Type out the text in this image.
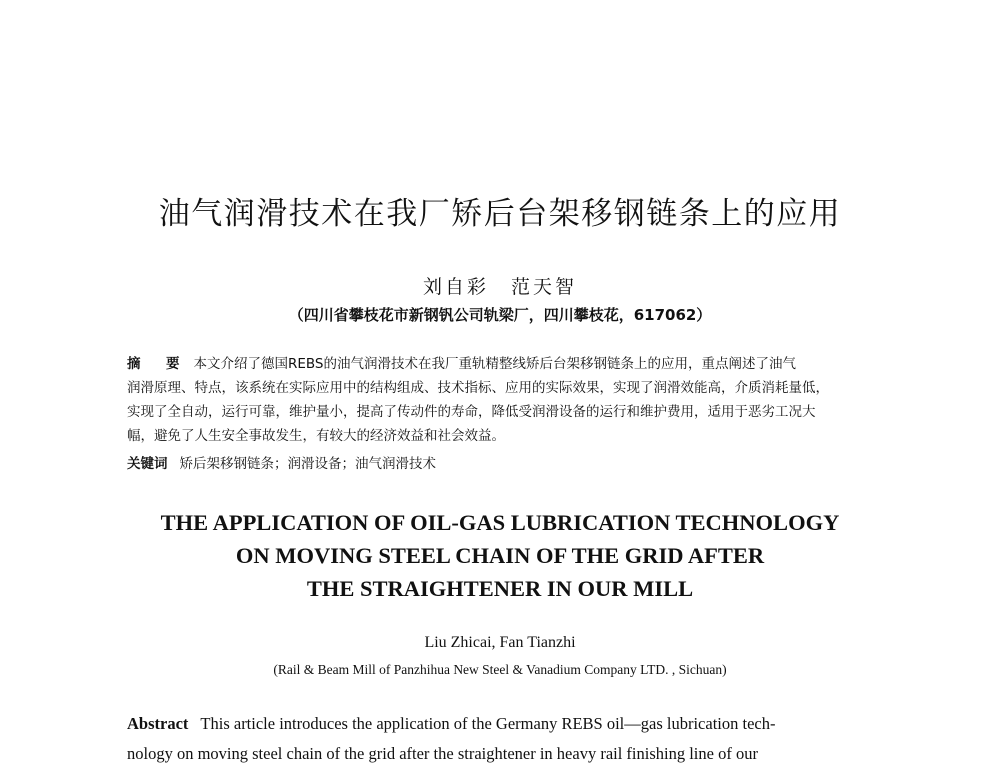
油气润滑技术在我厂矫后台架移钢链条上的应用
刘自彩　范天智
（四川省攀枝花市新钢钒公司轨梁厂，四川攀枝花，617062）
摘　要 本文介绍了德国REBS的油气润滑技术在我厂重轨精整线矫后台架移钢链条上的应用，重点阐述了油气
润滑原理、特点，该系统在实际应用中的结构组成、技术指标、应用的实际效果，实现了润滑效能高，介质消耗量低，
实现了全自动，运行可靠，维护量小，提高了传动件的寿命，降低受润滑设备的运行和维护费用，适用于恶劣工况大
幅，避免了人生安全事故发生，有较大的经济效益和社会效益。
关键词 矫后架移钢链条；润滑设备；油气润滑技术
THE APPLICATION OF OIL-GAS LUBRICATION TECHNOLOGY
ON MOVING STEEL CHAIN OF THE GRID AFTER
THE STRAIGHTENER IN OUR MILL
Liu Zhicai, Fan Tianzhi
(Rail & Beam Mill of Panzhihua New Steel & Vanadium Company LTD. , Sichuan)
Abstract This article introduces the application of the Germany REBS oil—gas lubrication tech-
nology on moving steel chain of the grid after the straightener in heavy rail finishing line of our
